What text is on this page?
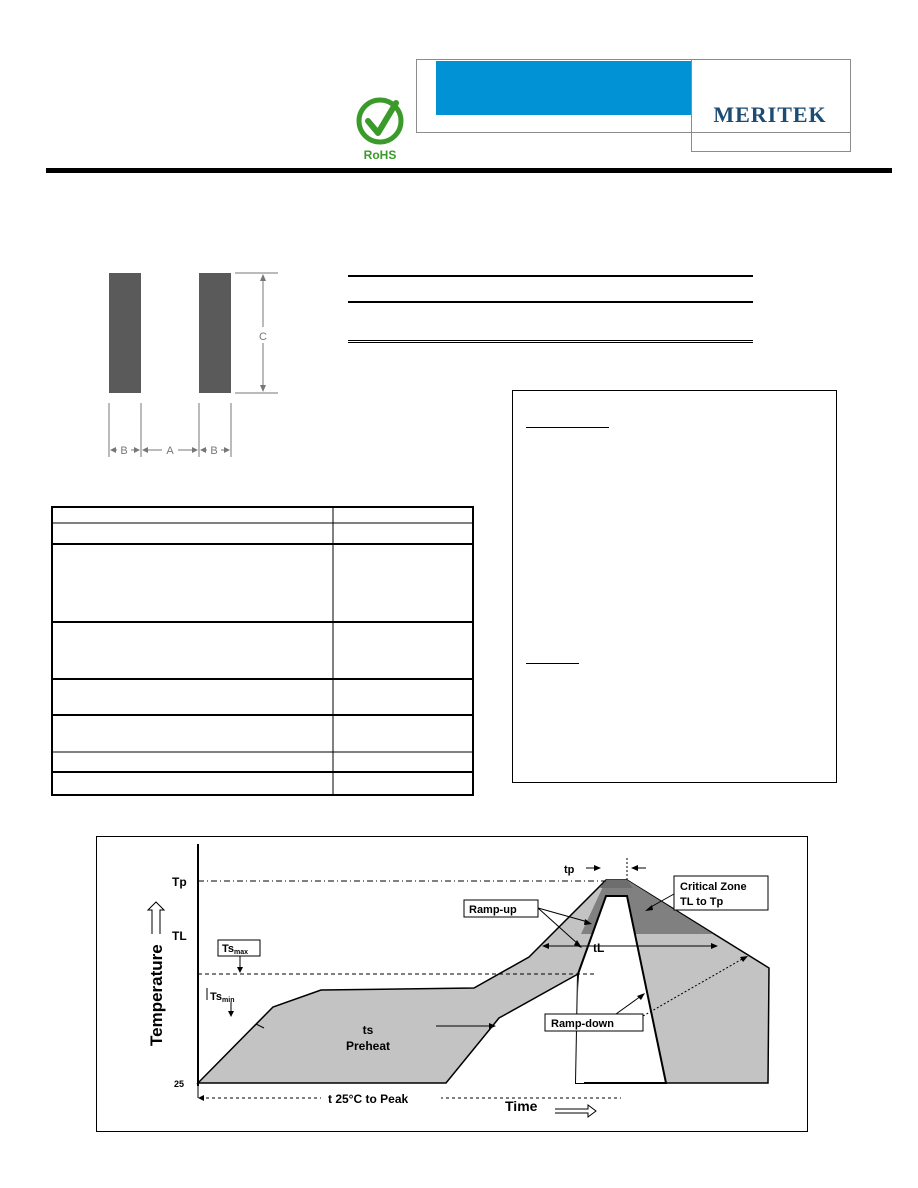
RoHS
MERITEK
C
B	A	B
Tp
TL
25
Temperature	Tsmax
Tsmin
ts
Preheat
tp
Critical Zone
TL to Tp
Ramp-up
tL
Ramp-down
t 25°C to Peak	Time
